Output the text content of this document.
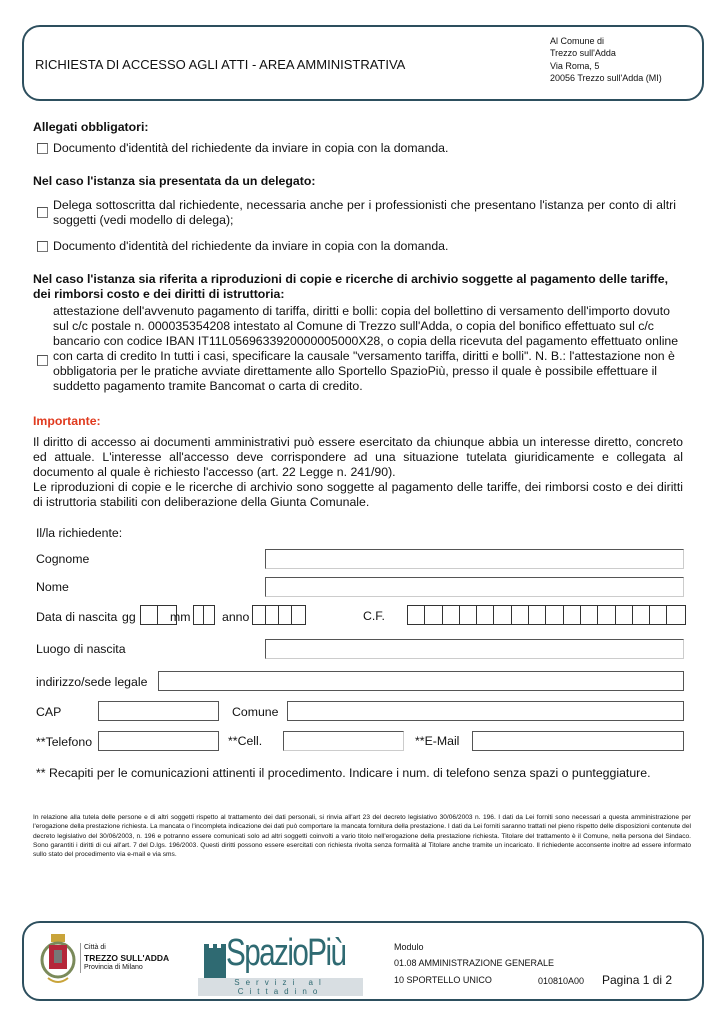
RICHIESTA DI ACCESSO AGLI ATTI - AREA AMMINISTRATIVA
Al Comune di
Trezzo sull'Adda
Via Roma, 5
20056 Trezzo sull'Adda (MI)
Allegati obbligatori:
Documento d'identità del richiedente da inviare in copia con la domanda.
Nel caso l'istanza sia presentata da un delegato:
Delega sottoscritta dal richiedente, necessaria anche per i professionisti che presentano l'istanza per conto di altri soggetti (vedi modello di delega);
Documento d'identità del richiedente da inviare in copia con la domanda.
Nel caso l'istanza sia riferita a riproduzioni di copie e ricerche di archivio soggette al pagamento delle tariffe, dei rimborsi costo e dei diritti di istruttoria:
attestazione dell'avvenuto pagamento di tariffa, diritti e bolli: copia del bollettino di versamento dell'importo dovuto sul c/c postale n. 000035354208 intestato al Comune di Trezzo sull'Adda, o copia del bonifico effettuato sul c/c bancario con codice IBAN IT11L0569633920000005000X28, o copia della ricevuta del pagamento effettuato online con carta di credito In tutti i casi, specificare la causale "versamento tariffa, diritti e bolli". N. B.: l'attestazione non è obbligatoria per le pratiche avviate direttamente allo Sportello SpazioPiù, presso il quale è possibile effettuare il suddetto pagamento tramite Bancomat o carta di credito.
Importante:
Il diritto di accesso ai documenti amministrativi può essere esercitato da chiunque abbia un interesse diretto, concreto ed attuale. L'interesse all'accesso deve corrispondere ad una situazione tutelata giuridicamente e collegata al documento al quale è richiesto l'accesso (art. 22 Legge n. 241/90).
Le riproduzioni di copie e le ricerche di archivio sono soggette al pagamento delle tariffe, dei rimborsi costo e dei diritti di istruttoria stabiliti con deliberazione della Giunta Comunale.
Il/la richiedente:
Cognome
Nome
Data di nascita gg	mm	anno	C.F.
Luogo di nascita
indirizzo/sede legale
CAP	Comune
**Telefono	**Cell.	**E-Mail
** Recapiti per le comunicazioni attinenti il procedimento. Indicare i num. di telefono senza spazi o punteggiature.
In relazione alla tutela delle persone e di altri soggetti rispetto al trattamento dei dati personali, si rinvia all'art 23 del decreto legislativo 30/06/2003 n. 196. I dati da Lei forniti sono necessari a questa amministrazione per l'erogazione della prestazione richiesta. La mancata o l'incompleta indicazione dei dati può comportare la mancata fornitura della prestazione. I dati da Lei forniti saranno trattati nel pieno rispetto delle disposizioni contenute del decreto legislativo del 30/06/2003, n. 196 e potranno essere comunicati solo ad altri soggetti coinvolti a vario titolo nell'erogazione della prestazione richiesta. Titolare del trattamento è il Comune, nella persona del Sindaco. Sono garantiti i diritti di cui all'art. 7 del D.lgs. 196/2003. Questi diritti possono essere esercitati con richiesta rivolta senza formalità al Titolare anche tramite un incaricato. Il richiedente acconsente inoltre ad essere informato sullo stato del procedimento via e-mail e via sms.
Città di
TREZZO SULL'ADDA
Provincia di Milano	SpazioPiù
Servizi al Cittadino
Modulo
01.08 AMMINISTRAZIONE GENERALE
10 SPORTELLO UNICO	010810A00 Pagina 1 di 2
